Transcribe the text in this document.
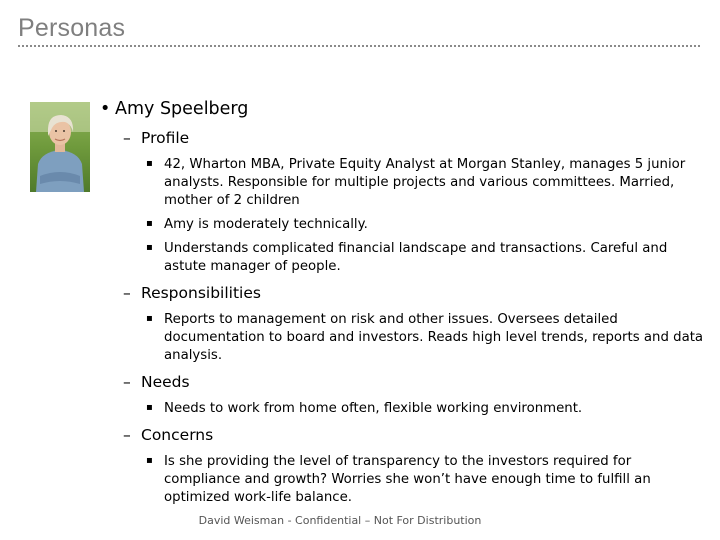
Personas
• Amy Speelberg
– Profile
▪ 42, Wharton MBA, Private Equity Analyst at Morgan Stanley, manages 5 junior analysts. Responsible for multiple projects and various committees. Married, mother of 2 children
▪ Amy is moderately technically.
▪ Understands complicated financial landscape and transactions. Careful and astute manager of people.
– Responsibilities
▪ Reports to management on risk and other issues. Oversees detailed documentation to board and investors. Reads high level trends, reports and data analysis.
– Needs
▪ Needs to work from home often, flexible working environment.
– Concerns
▪ Is she providing the level of transparency to the investors required for compliance and growth? Worries she won’t have enough time to fulfill an optimized work-life balance.
David Weisman - Confidential – Not For Distribution
